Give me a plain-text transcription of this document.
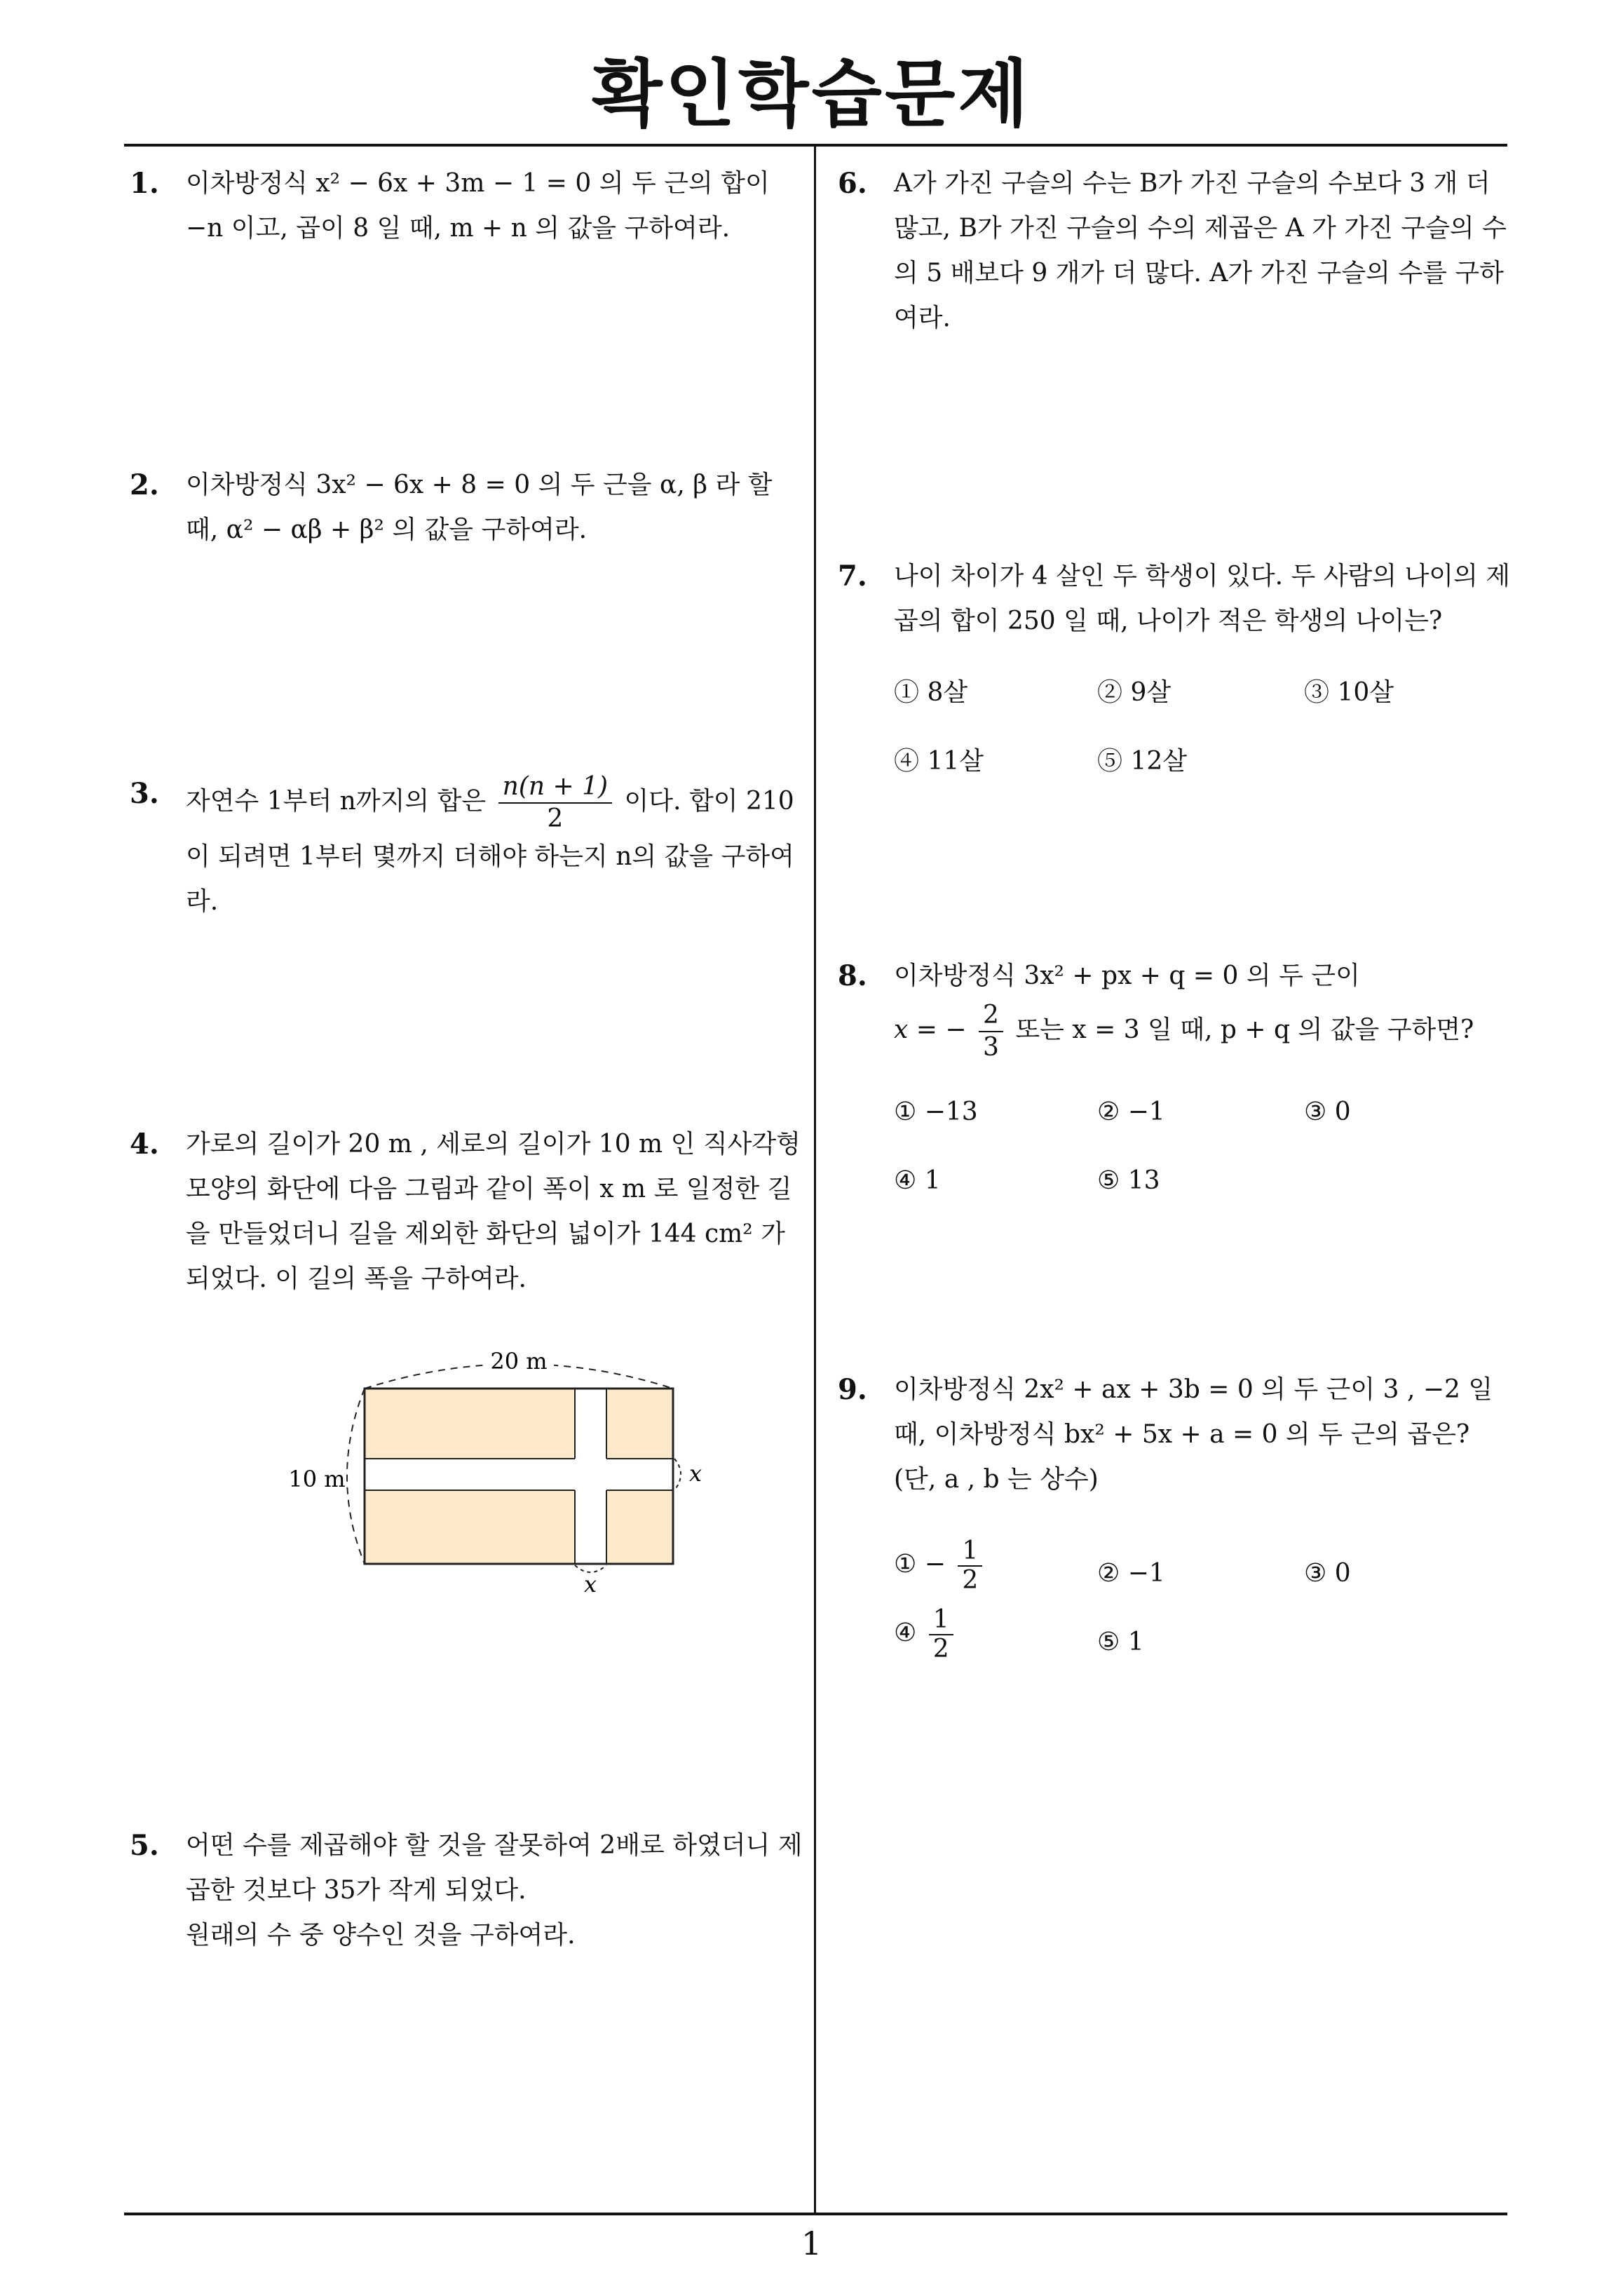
확인학습문제
1. 이차방정식 x² − 6x + 3m − 1 = 0 의 두 근의 합이 −n 이고, 곱이 8 일 때, m + n 의 값을 구하여라.
2. 이차방정식 3x² − 6x + 8 = 0 의 두 근을 α, β 라 할 때, α² − αβ + β² 의 값을 구하여라.
3. 자연수 1부터 n까지의 합은 $\frac{n(n + 1)}{2}$ 이다. 합이 210 이 되려면 1부터 몇까지 더해야 하는지 n의 값을 구하여라.
4. 가로의 길이가 20 m , 세로의 길이가 10 m 인 직사각형 모양의 화단에 다음 그림과 같이 폭이 x m 로 일정한 길을 만들었더니 길을 제외한 화단의 넓이가 144 cm² 가 되었다. 이 길의 폭을 구하여라.
20 m
10 m	x
x
5. 어떤 수를 제곱해야 할 것을 잘못하여 2배로 하였더니 제곱한 것보다 35가 작게 되었다.
원래의 수 중 양수인 것을 구하여라.
6. A가 가진 구슬의 수는 B가 가진 구슬의 수보다 3 개 더 많고, B가 가진 구슬의 수의 제곱은 A 가 가진 구슬의 수의 5 배보다 9 개가 더 많다. A가 가진 구슬의 수를 구하여라.
7. 나이 차이가 4 살인 두 학생이 있다. 두 사람의 나이의 제곱의 합이 250 일 때, 나이가 적은 학생의 나이는?
① 8살	② 9살	③ 10살
④ 11살	⑤ 12살
8. 이차방정식 3x² + px + q = 0 의 두 근이
x = − $\frac{2}{3}$ 또는 x = 3 일 때, p + q 의 값을 구하면?
① −13	② −1	③ 0
④ 1	⑤ 13
9. 이차방정식 2x² + ax + 3b = 0 의 두 근이 3 , −2 일 때, 이차방정식 bx² + 5x + a = 0 의 두 근의 곱은?
(단, a , b 는 상수)
① − $\frac{1}{2}$	② −1	③ 0
④ $\frac{1}{2}$	⑤ 1
1
